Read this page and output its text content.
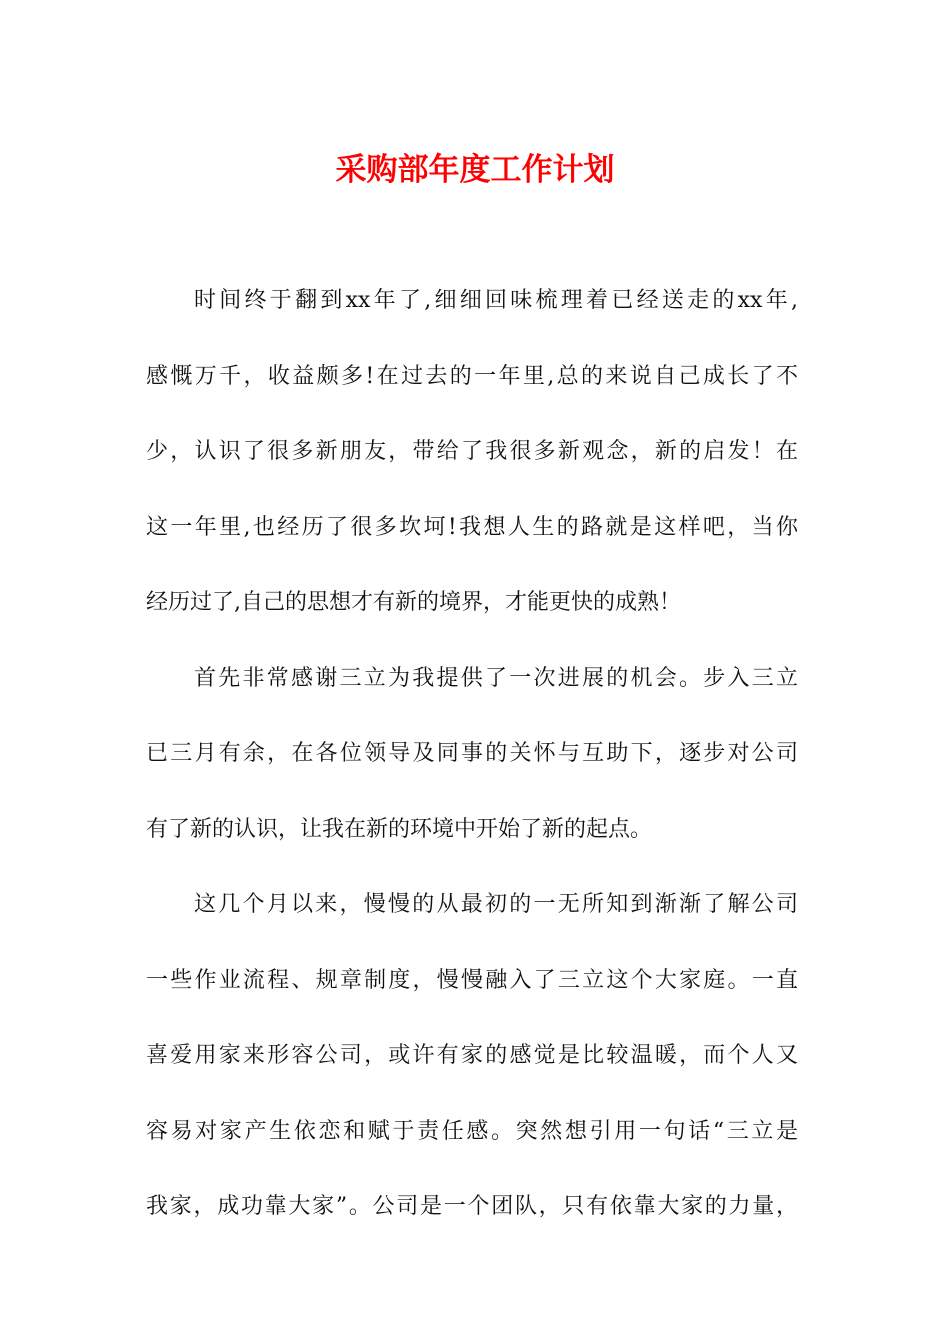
采购部年度工作计划
时间终于翻到xx年了,细细回味梳理着已经送走的xx年,
感慨万千，收益颇多!在过去的一年里,总的来说自己成长了不
少，认识了很多新朋友，带给了我很多新观念，新的启发！在
这一年里,也经历了很多坎坷!我想人生的路就是这样吧，当你
经历过了,自己的思想才有新的境界，才能更快的成熟！
首先非常感谢三立为我提供了一次进展的机会。步入三立
已三月有余，在各位领导及同事的关怀与互助下，逐步对公司
有了新的认识，让我在新的环境中开始了新的起点。
这几个月以来，慢慢的从最初的一无所知到渐渐了解公司
一些作业流程、规章制度，慢慢融入了三立这个大家庭。一直
喜爱用家来形容公司，或许有家的感觉是比较温暖，而个人又
容易对家产生依恋和赋于责任感。突然想引用一句话“三立是
我家，成功靠大家”。公司是一个团队，只有依靠大家的力量，
